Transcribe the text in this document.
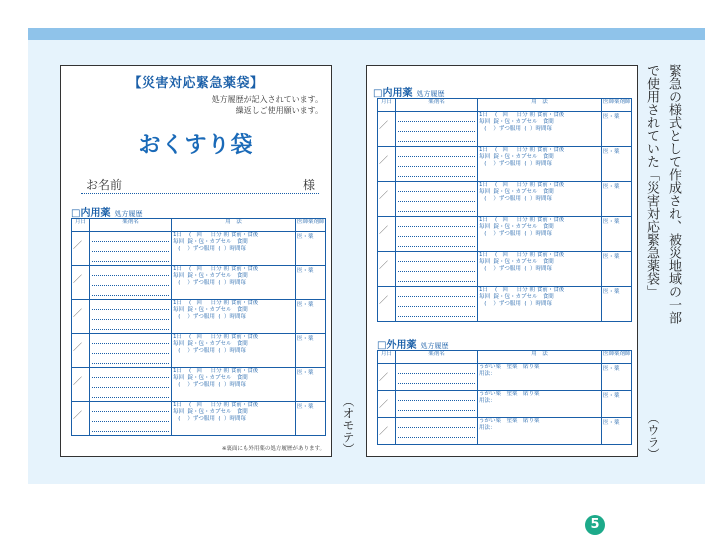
【災害対応緊急薬袋】
処方履歴が記入されています。
繰返しご使用願います。
おくすり袋
お名前	様
□内用薬 処方履歴
月日	薬剤名	用　法	医師薬剤師

／		1日    (   回 日分 朝 食前・食後
毎回 錠・包・カプセル 食間
(    ）ずつ服用  (  ）時間毎	医・薬

／		1日    (   回 日分 朝 食前・食後
毎回 錠・包・カプセル 食間
(    ）ずつ服用  (  ）時間毎	医・薬

／		1日    (   回 日分 朝 食前・食後
毎回 錠・包・カプセル 食間
(    ）ずつ服用  (  ）時間毎	医・薬

／		1日    (   回 日分 朝 食前・食後
毎回 錠・包・カプセル 食間
(    ）ずつ服用  (  ）時間毎	医・薬

／		1日    (   回 日分 朝 食前・食後
毎回 錠・包・カプセル 食間
(    ）ずつ服用  (  ）時間毎	医・薬

／		1日    (   回 日分 朝 食前・食後
毎回 錠・包・カプセル 食間
(    ）ずつ服用  (  ）時間毎	医・薬
※裏面にも外用薬の処方履歴があります。
□内用薬 処方履歴
月日	薬剤名	用　法	医師薬剤師

／		1日    (   回 日分 朝 食前・食後
毎回 錠・包・カプセル 食間
(    ）ずつ服用  (  ）時間毎	医・薬

／		1日    (   回 日分 朝 食前・食後
毎回 錠・包・カプセル 食間
(    ）ずつ服用  (  ）時間毎	医・薬

／		1日    (   回 日分 朝 食前・食後
毎回 錠・包・カプセル 食間
(    ）ずつ服用  (  ）時間毎	医・薬

／		1日    (   回 日分 朝 食前・食後
毎回 錠・包・カプセル 食間
(    ）ずつ服用  (  ）時間毎	医・薬

／		1日    (   回 日分 朝 食前・食後
毎回 錠・包・カプセル 食間
(    ）ずつ服用  (  ）時間毎	医・薬

／		1日    (   回 日分 朝 食前・食後
毎回 錠・包・カプセル 食間
(    ）ずつ服用  (  ）時間毎	医・薬
□外用薬 処方履歴
月日	薬剤名	用　法	医師薬剤師

／		うがい薬　塗薬　貼り薬
用法：	医・薬

／		うがい薬　塗薬　貼り薬
用法：	医・薬

／		うがい薬　塗薬　貼り薬
用法：	医・薬
（オモテ）	（ウラ）
緊急の様式として作成され、被災地域の一部で使用されていた「災害対応緊急薬袋」
5
